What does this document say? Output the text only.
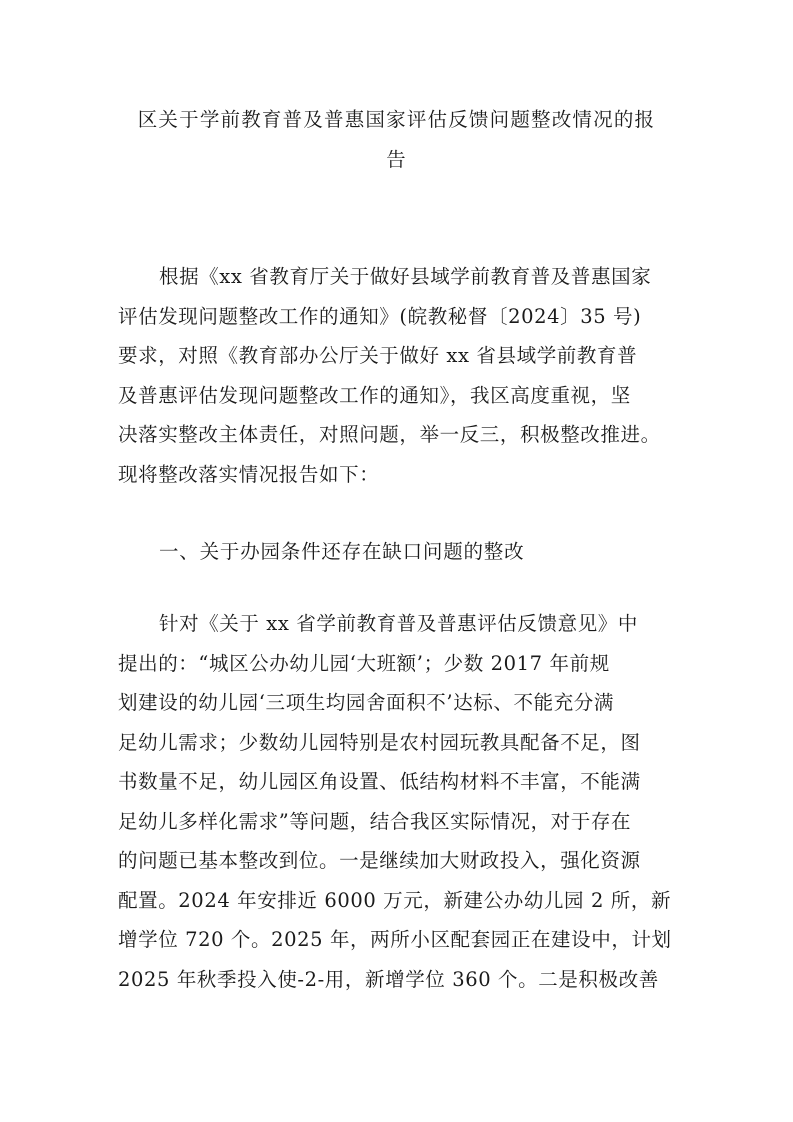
区关于学前教育普及普惠国家评估反馈问题整改情况的报
告
根据《xx 省教育厅关于做好县域学前教育普及普惠国家
评估发现问题整改工作的通知》(皖教秘督〔2024〕35 号)
要求，对照《教育部办公厅关于做好 xx 省县域学前教育普
及普惠评估发现问题整改工作的通知》，我区高度重视，坚
决落实整改主体责任，对照问题，举一反三，积极整改推进。
现将整改落实情况报告如下：
一、关于办园条件还存在缺口问题的整改
针对《关于 xx 省学前教育普及普惠评估反馈意见》中
提出的：“城区公办幼儿园‘大班额’；少数 2017 年前规
划建设的幼儿园‘三项生均园舍面积不’达标、不能充分满
足幼儿需求；少数幼儿园特别是农村园玩教具配备不足，图
书数量不足，幼儿园区角设置、低结构材料不丰富，不能满
足幼儿多样化需求”等问题，结合我区实际情况，对于存在
的问题已基本整改到位。一是继续加大财政投入，强化资源
配置。2024 年安排近 6000 万元，新建公办幼儿园 2 所，新
增学位 720 个。2025 年，两所小区配套园正在建设中，计划
2025 年秋季投入使-2-用，新增学位 360 个。二是积极改善
